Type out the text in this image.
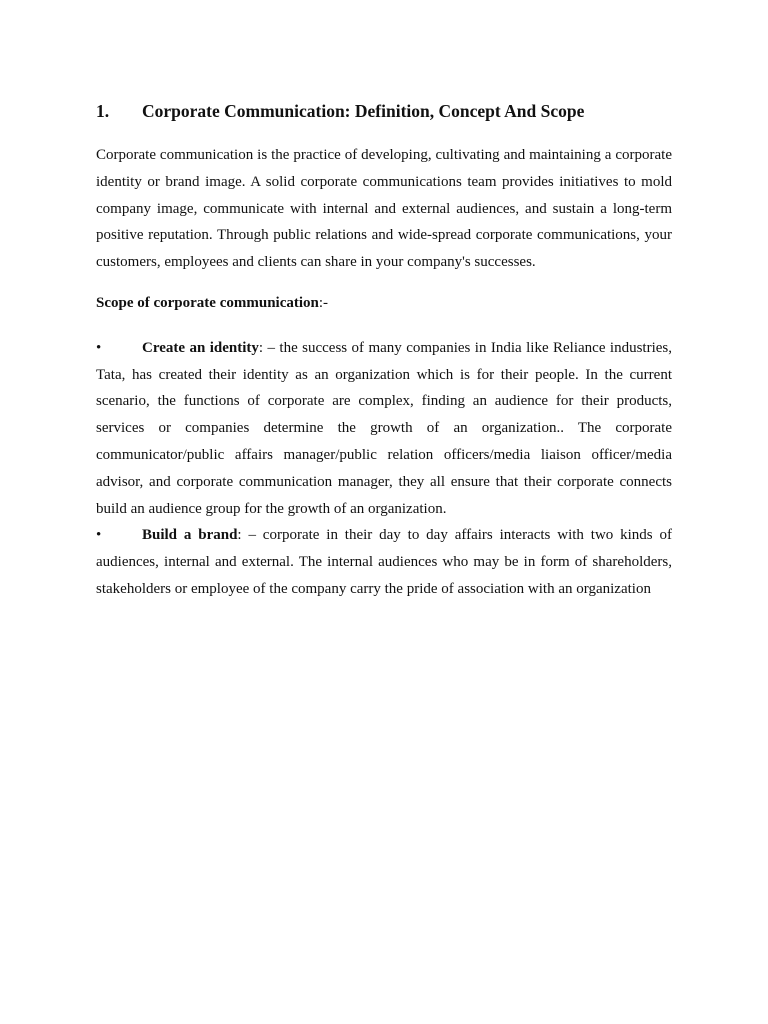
1.	Corporate Communication: Definition, Concept And Scope

Corporate communication is the practice of developing, cultivating and maintaining a corporate identity or brand image. A solid corporate communications team provides initiatives to mold company image, communicate with internal and external audiences, and sustain a long-term positive reputation. Through public relations and wide-spread corporate communications, your customers, employees and clients can share in your company's successes.

Scope of corporate communication:-

•	Create an identity: – the success of many companies in India like Reliance industries, Tata, has created their identity as an organization which is for their people. In the current scenario, the functions of corporate are complex, finding an audience for their products, services or companies determine the growth of an organization.. The corporate communicator/public affairs manager/public relation officers/media liaison officer/media advisor, and corporate communication manager, they all ensure that their corporate connects build an audience group for the growth of an organization.

•	Build a brand: – corporate in their day to day affairs interacts with two kinds of audiences, internal and external. The internal audiences who may be in form of shareholders, stakeholders or employee of the company carry the pride of association with an organization
